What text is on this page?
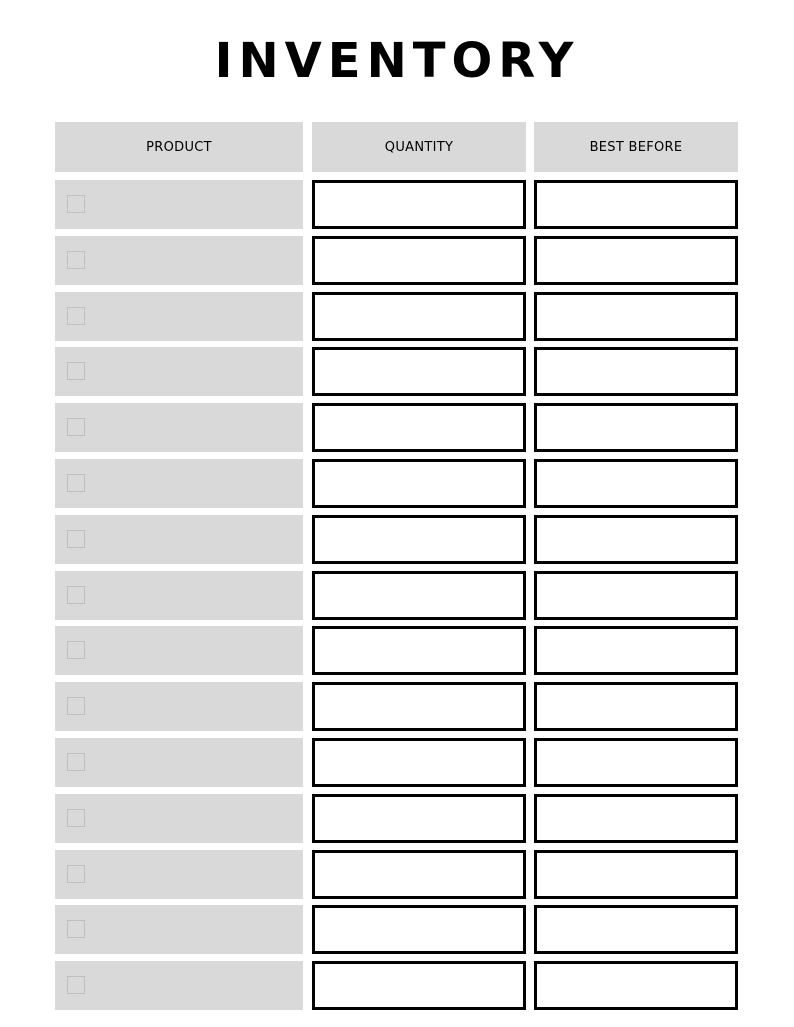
INVENTORY
PRODUCT	QUANTITY	BEST BEFORE
